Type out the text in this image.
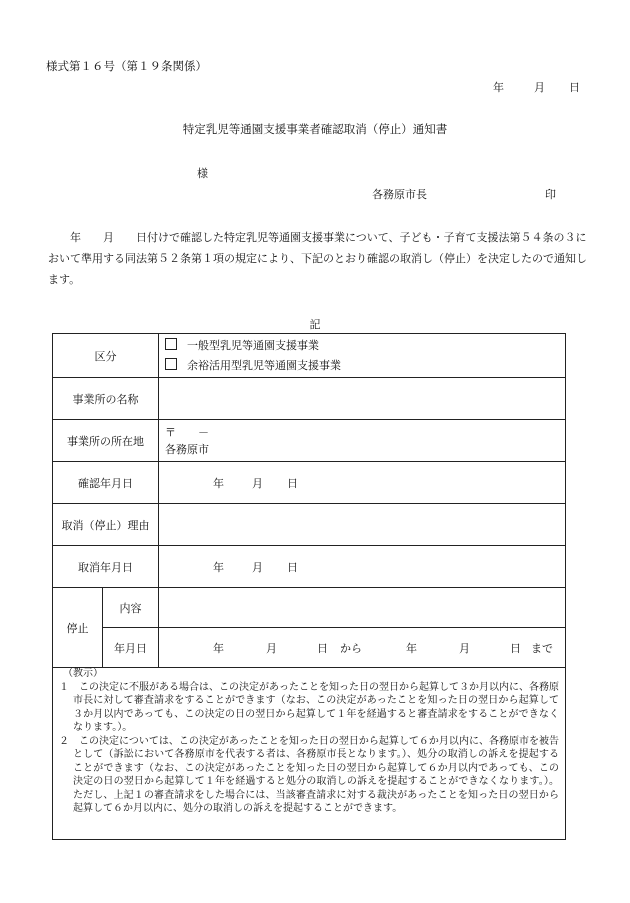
様式第１６号（第１９条関係）
年	月 日
特定乳児等通園支援事業者確認取消（停止）通知書
様
各務原市長	印
年　　月　　日付けで確認した特定乳児等通園支援事業について、子ども・子育て支援法第５４条の３において準用する同法第５２条第１項の規定により、下記のとおり確認の取消し（停止）を決定したので通知します。
記
区分		一般型乳児等通園支援事業
余裕活用型乳児等通園支援事業

事業所の名称		
事業所の所在地		〒　　－
各務原市

確認年月日		年 月 日
取消（停止）理由		
取消年月日		年 月 日
停止	内容	
	年月日	年 月 日 から 年 月 日 まで
（教示）
１ この決定に不服がある場合は、この決定があったことを知った日の翌日から起算して３か月以内に、各務原市長に対して審査請求をすることができます（なお、この決定があったことを知った日の翌日から起算して３か月以内であっても、この決定の日の翌日から起算して１年を経過すると審査請求をすることができなくなります。）。
２ この決定については、この決定があったことを知った日の翌日から起算して６か月以内に、各務原市を被告として（訴訟において各務原市を代表する者は、各務原市長となります。）、処分の取消しの訴えを提起することができます（なお、この決定があったことを知った日の翌日から起算して６か月以内であっても、この決定の日の翌日から起算して１年を経過すると処分の取消しの訴えを提起することができなくなります。）。ただし、上記１の審査請求をした場合には、当該審査請求に対する裁決があったことを知った日の翌日から起算して６か月以内に、処分の取消しの訴えを提起することができます。
